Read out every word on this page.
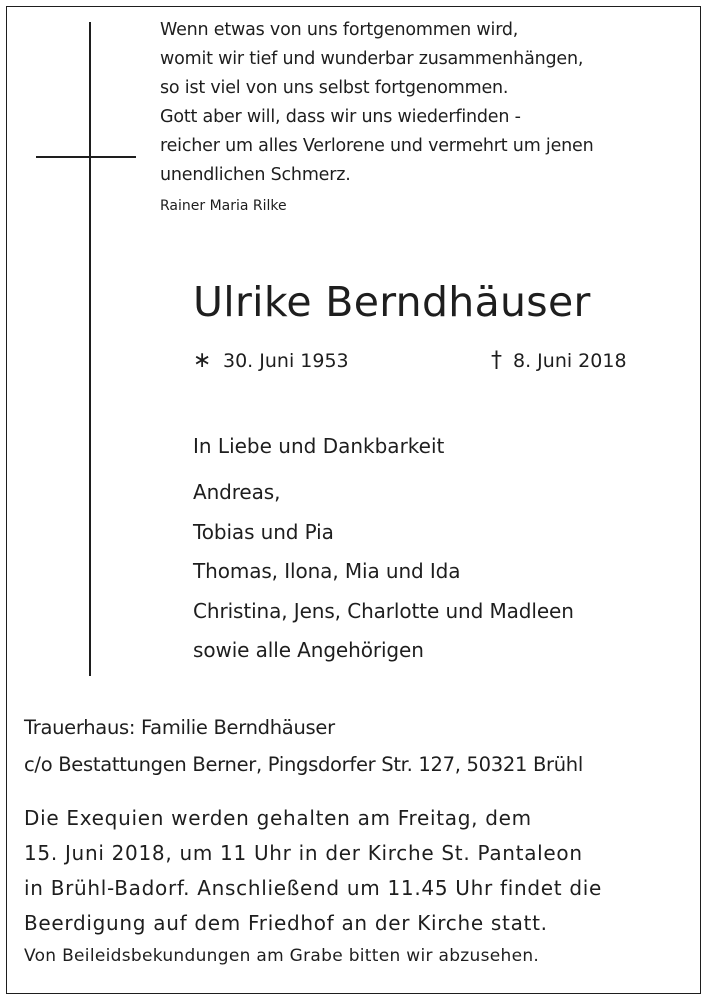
Wenn etwas von uns fortgenommen wird,
womit wir tief und wunderbar zusammenhängen,
so ist viel von uns selbst fortgenommen.
Gott aber will, dass wir uns wiederfinden -
reicher um alles Verlorene und vermehrt um jenen
unendlichen Schmerz.
Rainer Maria Rilke
Ulrike Berndhäuser
∗ 30. Juni 1953	† 8. Juni 2018
In Liebe und Dankbarkeit
Andreas,
Tobias und Pia
Thomas, Ilona, Mia und Ida
Christina, Jens, Charlotte und Madleen
sowie alle Angehörigen
Trauerhaus: Familie Berndhäuser
c/o Bestattungen Berner, Pingsdorfer Str. 127, 50321 Brühl
Die Exequien werden gehalten am Freitag, dem
15. Juni 2018, um 11 Uhr in der Kirche St. Pantaleon
in Brühl-Badorf. Anschließend um 11.45 Uhr findet die
Beerdigung auf dem Friedhof an der Kirche statt.
Von Beileidsbekundungen am Grabe bitten wir abzusehen.
